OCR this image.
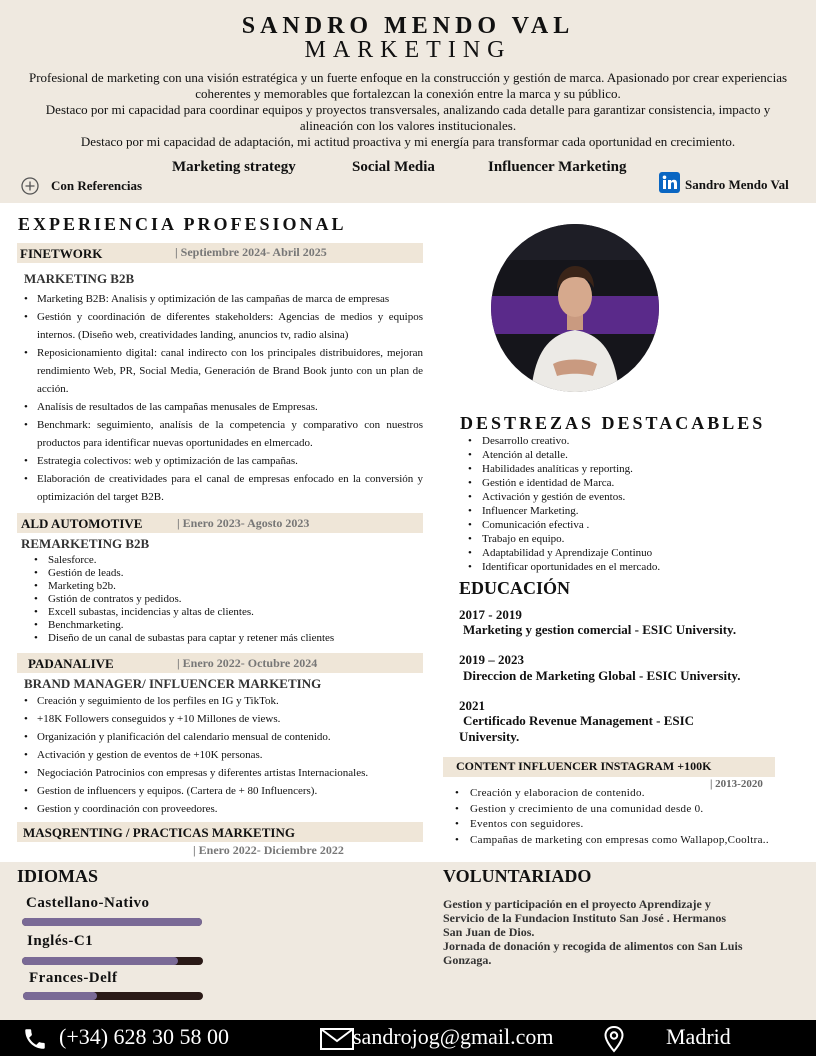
SANDRO MENDO VAL
MARKETING
Profesional de marketing con una visión estratégica y un fuerte enfoque en la construcción y gestión de marca. Apasionado por crear experiencias coherentes y memorables que fortalezcan la conexión entre la marca y su público.
Destaco por mi capacidad para coordinar equipos y proyectos transversales, analizando cada detalle para garantizar consistencia, impacto y alineación con los valores institucionales.
Destaco por mi capacidad de adaptación, mi actitud proactiva y mi energía para transformar cada oportunidad en crecimiento.
Marketing strategy	Social Media	Influencer Marketing
Con Referencias	Sandro Mendo Val
EXPERIENCIA PROFESIONAL
FINETWORK	| Septiembre 2024- Abril 2025
MARKETING B2B
• Marketing B2B: Analisis y optimización de las campañas de marca de empresas
• Gestión y coordinación de diferentes stakeholders: Agencias de medios y equipos internos. (Diseño web, creatividades landing, anuncios tv, radio alsina)
• Reposicionamiento digital: canal indirecto con los principales distribuidores, mejoran rendimiento Web, PR, Social Media, Generación de Brand Book junto con un plan de acción.
• Analísis de resultados de las campañas menusales de Empresas.
• Benchmark: seguimiento, analísis de la competencia y comparativo con nuestros productos para identificar nuevas oportunidades en elmercado.
• Estrategia colectivos: web y optimización de las campañas.
• Elaboración de creatividades para el canal de empresas enfocado en la conversión y optimización del target B2B.
ALD AUTOMOTIVE	| Enero 2023- Agosto 2023
REMARKETING B2B
• Salesforce.
• Gestión de leads.
• Marketing b2b.
• Gstión de contratos y pedidos.
• Excell subastas, incidencias y altas de clientes.
• Benchmarketing.
• Diseño de un canal de subastas para captar y retener más clientes
PADANALIVE	| Enero 2022- Octubre 2024
BRAND MANAGER/ INFLUENCER MARKETING
• Creación y seguimiento de los perfiles en IG y TikTok.
• +18K Followers conseguidos y +10 Millones de views.
• Organización y planificación del calendario mensual de contenido.
• Activación y gestion de eventos de +10K personas.
• Negociación Patrocinios con empresas y diferentes artistas Internacionales.
• Gestion de influencers y equipos. (Cartera de + 80 Influencers).
• Gestion y coordinación con proveedores.
MASQRENTING / PRACTICAS MARKETING
| Enero 2022- Diciembre 2022
DESTREZAS DESTACABLES
• Desarrollo creativo.
• Atención al detalle.
• Habilidades analíticas y reporting.
• Gestión e identidad de Marca.
• Activación y gestión de eventos.
• Influencer Marketing.
• Comunicación efectiva .
• Trabajo en equipo.
• Adaptabilidad y Aprendizaje Continuo
• Identificar oportunidades en el mercado.
EDUCACIÓN
2017 - 2019
Marketing y gestion comercial - ESIC University.
2019 – 2023
Direccion de Marketing Global - ESIC University.
2021
Certificado Revenue Management - ESIC
University.
CONTENT INFLUENCER INSTAGRAM +100K
| 2013-2020
• Creación y elaboracion de contenido.
• Gestion y crecimiento de una comunidad desde 0.
• Eventos con seguidores.
• Campañas de marketing con empresas como Wallapop,Cooltra..
IDIOMAS
Castellano-Nativo
Inglés-C1
Frances-Delf
VOLUNTARIADO
Gestion y participación en el proyecto Aprendizaje y
Servicio de la Fundacion Instituto San José . Hermanos
San Juan de Dios.
Jornada de donación y recogida de alimentos con San Luis
Gonzaga.
(+34) 628 30 58 00	sandrojog@gmail.com	Madrid
